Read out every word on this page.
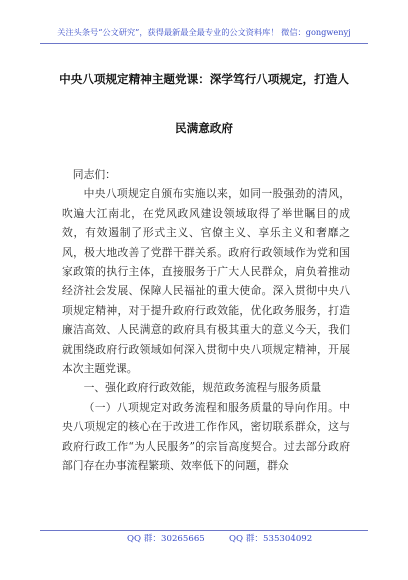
关注头条号“公文研究”，获得最新最全最专业的公文资料库！ 微信：gongwenyj
中央八项规定精神主题党课：深学笃行八项规定，打造人
民满意政府

同志们：

中央八项规定自颁布实施以来，如同一股强劲的清风，吹遍大江南北，在党风政风建设领域取得了举世瞩目的成效，有效遏制了形式主义、官僚主义、享乐主义和奢靡之风，极大地改善了党群干群关系。政府行政领域作为党和国家政策的执行主体，直接服务于广大人民群众，肩负着推动经济社会发展、保障人民福祉的重大使命。深入贯彻中央八项规定精神，对于提升政府行政效能，优化政务服务，打造廉洁高效、人民满意的政府具有极其重大的意义今天，我们就围绕政府行政领域如何深入贯彻中央八项规定精神，开展本次主题党课。

一、强化政府行政效能，规范政务流程与服务质量

（一）八项规定对政务流程和服务质量的导向作用。中央八项规定的核心在于改进工作作风，密切联系群众，这与政府行政工作“为人民服务”的宗旨高度契合。过去部分政府部门存在办事流程繁琐、效率低下的问题，群众

QQ 群：30265665	QQ 群：535304092
